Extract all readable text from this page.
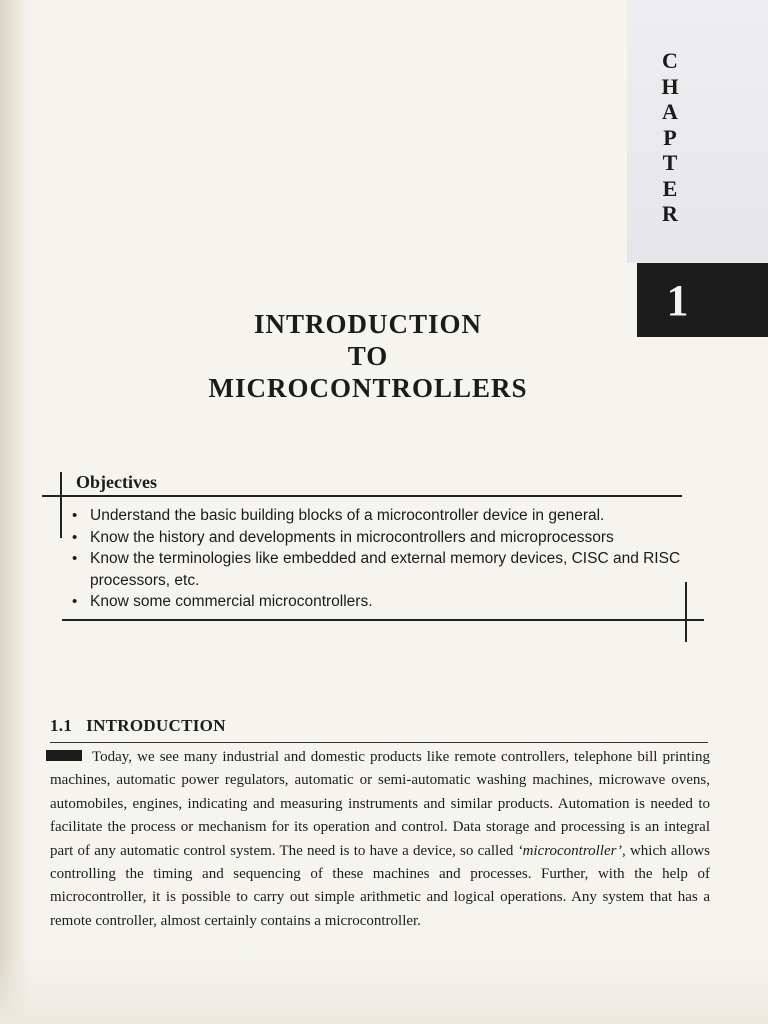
C
H
A
P
T
E
R
1
INTRODUCTION
TO
MICROCONTROLLERS
Objectives
• Understand the basic building blocks of a microcontroller device in general.
• Know the history and developments in microcontrollers and microprocessors
• Know the terminologies like embedded and external memory devices, CISC and RISC processors, etc.
• Know some commercial microcontrollers.
1.1 INTRODUCTION

Today, we see many industrial and domestic products like remote controllers, telephone bill printing machines, automatic power regulators, automatic or semi-automatic washing machines, microwave ovens, automobiles, engines, indicating and measuring instruments and similar products. Automation is needed to facilitate the process or mechanism for its operation and control. Data storage and processing is an integral part of any automatic control system. The need is to have a device, so called ‘microcontroller’, which allows controlling the timing and sequencing of these machines and processes. Further, with the help of microcontroller, it is possible to carry out simple arithmetic and logical operations. Any system that has a remote controller, almost certainly contains a microcontroller.
